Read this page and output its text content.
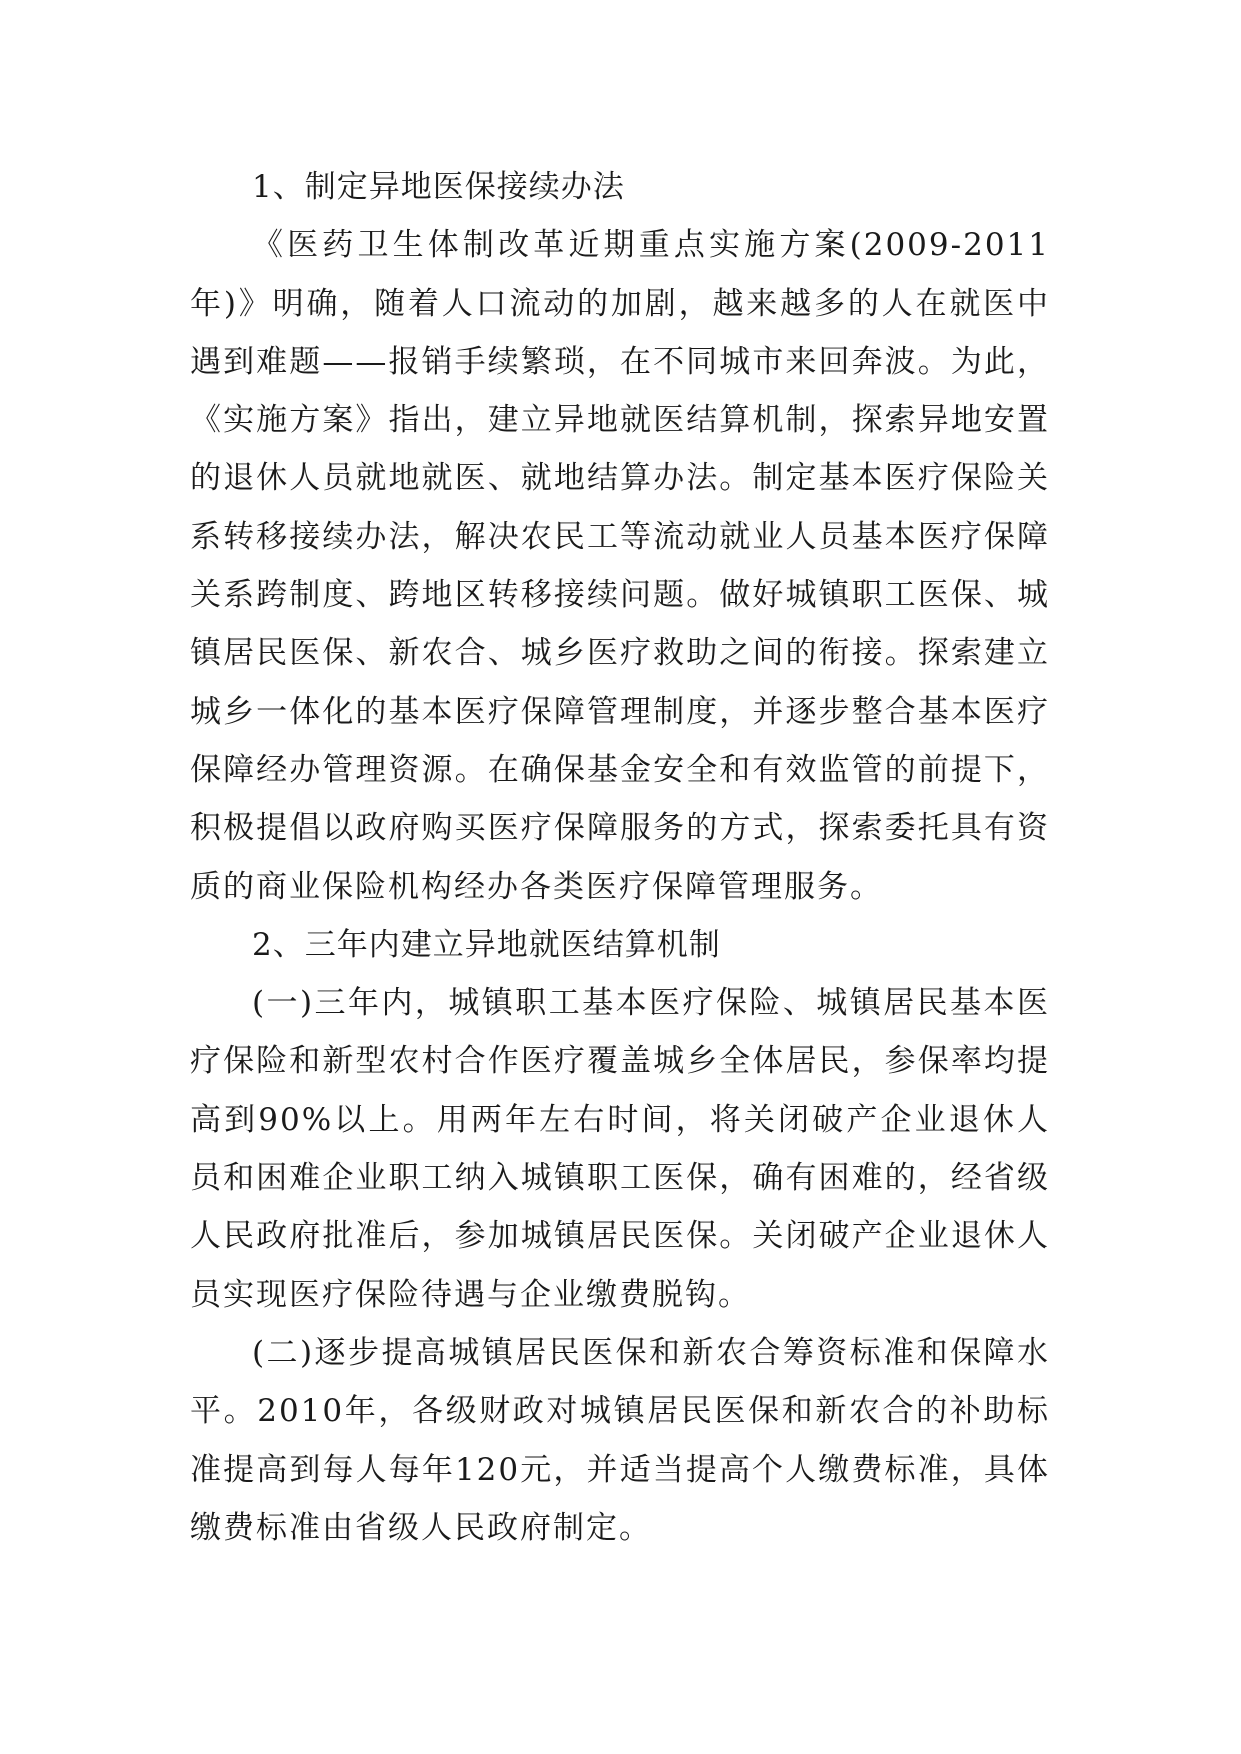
1、制定异地医保接续办法

《医药卫生体制改革近期重点实施方案(2009-2011年)》明确，随着人口流动的加剧，越来越多的人在就医中遇到难题——报销手续繁琐，在不同城市来回奔波。为此，《实施方案》指出，建立异地就医结算机制，探索异地安置的退休人员就地就医、就地结算办法。制定基本医疗保险关系转移接续办法，解决农民工等流动就业人员基本医疗保障关系跨制度、跨地区转移接续问题。做好城镇职工医保、城镇居民医保、新农合、城乡医疗救助之间的衔接。探索建立城乡一体化的基本医疗保障管理制度，并逐步整合基本医疗保障经办管理资源。在确保基金安全和有效监管的前提下，积极提倡以政府购买医疗保障服务的方式，探索委托具有资质的商业保险机构经办各类医疗保障管理服务。

2、三年内建立异地就医结算机制

(一)三年内，城镇职工基本医疗保险、城镇居民基本医疗保险和新型农村合作医疗覆盖城乡全体居民，参保率均提高到90%以上。用两年左右时间，将关闭破产企业退休人员和困难企业职工纳入城镇职工医保，确有困难的，经省级人民政府批准后，参加城镇居民医保。关闭破产企业退休人员实现医疗保险待遇与企业缴费脱钩。

(二)逐步提高城镇居民医保和新农合筹资标准和保障水平。2010年，各级财政对城镇居民医保和新农合的补助标准提高到每人每年120元，并适当提高个人缴费标准，具体缴费标准由省级人民政府制定。
